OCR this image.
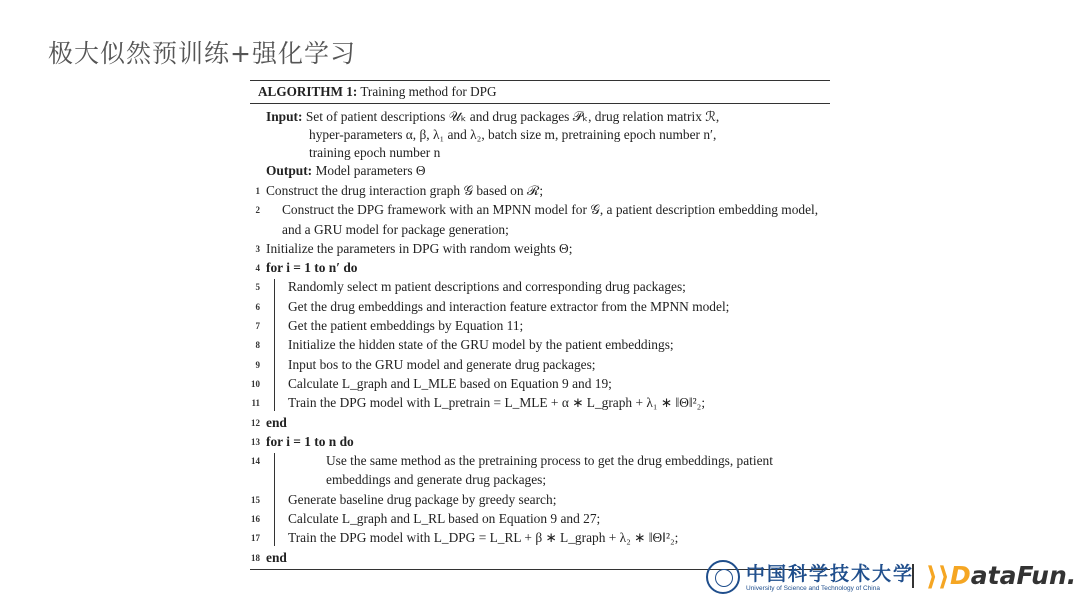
极大似然预训练+强化学习
ALGORITHM 1: Training method for DPG
Input: Set of patient descriptions 𝒰ₖ and drug packages 𝒫ₖ, drug relation matrix ℛ,
hyper-parameters α, β, λ₁ and λ₂, batch size m, pretraining epoch number n′,
training epoch number n
Output: Model parameters Θ
1 Construct the drug interaction graph 𝒢 based on ℛ;
2 Construct the DPG framework with an MPNN model for 𝒢, a patient description embedding model, and a GRU model for package generation;
3 Initialize the parameters in DPG with random weights Θ;
4 for i = 1 to n′ do
5 Randomly select m patient descriptions and corresponding drug packages;
6 Get the drug embeddings and interaction feature extractor from the MPNN model;
7 Get the patient embeddings by Equation 11;
8 Initialize the hidden state of the GRU model by the patient embeddings;
9 Input bos to the GRU model and generate drug packages;
10 Calculate L_graph and L_MLE based on Equation 9 and 19;
11 Train the DPG model with L_pretrain = L_MLE + α ∗ L_graph + λ₁ ∗ ‖Θ‖²₂;
12 end
13 for i = 1 to n do
14	Use the same method as the pretraining process to get the drug embeddings, patient embeddings and generate drug packages;
15 Generate baseline drug package by greedy search;
16 Calculate L_graph and L_RL based on Equation 9 and 27;
17 Train the DPG model with L_DPG = L_RL + β ∗ L_graph + λ₂ ∗ ‖Θ‖²₂;
18 end
中国科学技术大学
University of Science and Technology of China ⟩⟩ DataFun.
